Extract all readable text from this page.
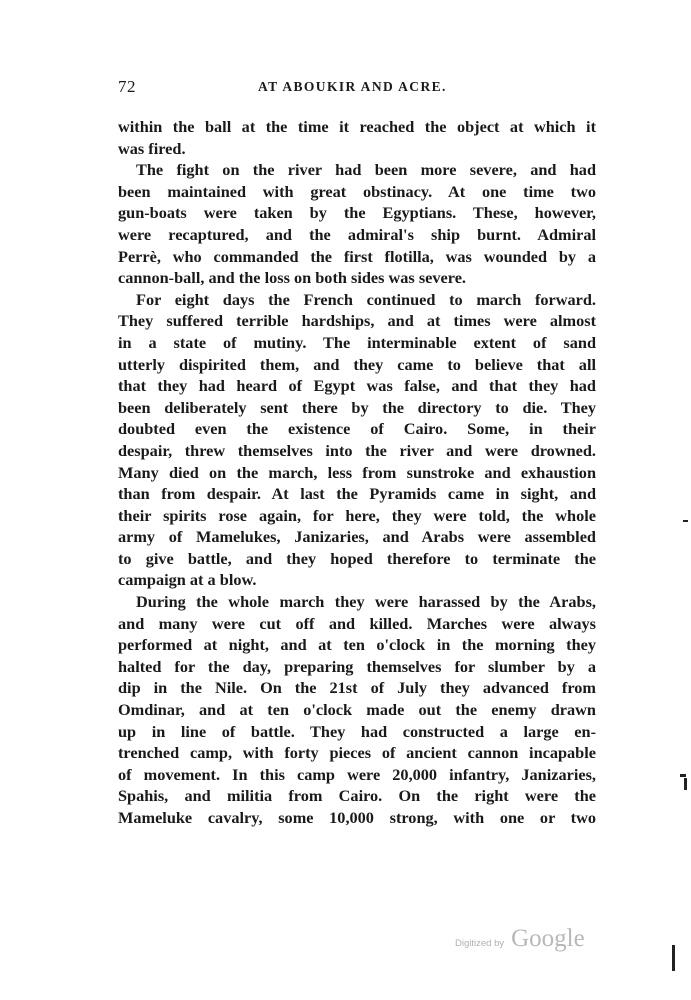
72	AT ABOUKIR AND ACRE.
within the ball at the time it reached the object at which it
was fired.
The fight on the river had been more severe, and had
been maintained with great obstinacy. At one time two
gun-boats were taken by the Egyptians. These, however,
were recaptured, and the admiral's ship burnt. Admiral
Perrè, who commanded the first flotilla, was wounded by a
cannon-ball, and the loss on both sides was severe.
For eight days the French continued to march forward.
They suffered terrible hardships, and at times were almost
in a state of mutiny. The interminable extent of sand
utterly dispirited them, and they came to believe that all
that they had heard of Egypt was false, and that they had
been deliberately sent there by the directory to die. They
doubted even the existence of Cairo. Some, in their
despair, threw themselves into the river and were drowned.
Many died on the march, less from sunstroke and exhaustion
than from despair. At last the Pyramids came in sight, and
their spirits rose again, for here, they were told, the whole
army of Mamelukes, Janizaries, and Arabs were assembled
to give battle, and they hoped therefore to terminate the
campaign at a blow.
During the whole march they were harassed by the Arabs,
and many were cut off and killed. Marches were always
performed at night, and at ten o'clock in the morning they
halted for the day, preparing themselves for slumber by a
dip in the Nile. On the 21st of July they advanced from
Omdinar, and at ten o'clock made out the enemy drawn
up in line of battle. They had constructed a large en-
trenched camp, with forty pieces of ancient cannon incapable
of movement. In this camp were 20,000 infantry, Janizaries,
Spahis, and militia from Cairo. On the right were the
Mameluke cavalry, some 10,000 strong, with one or two
Digitized by Google
